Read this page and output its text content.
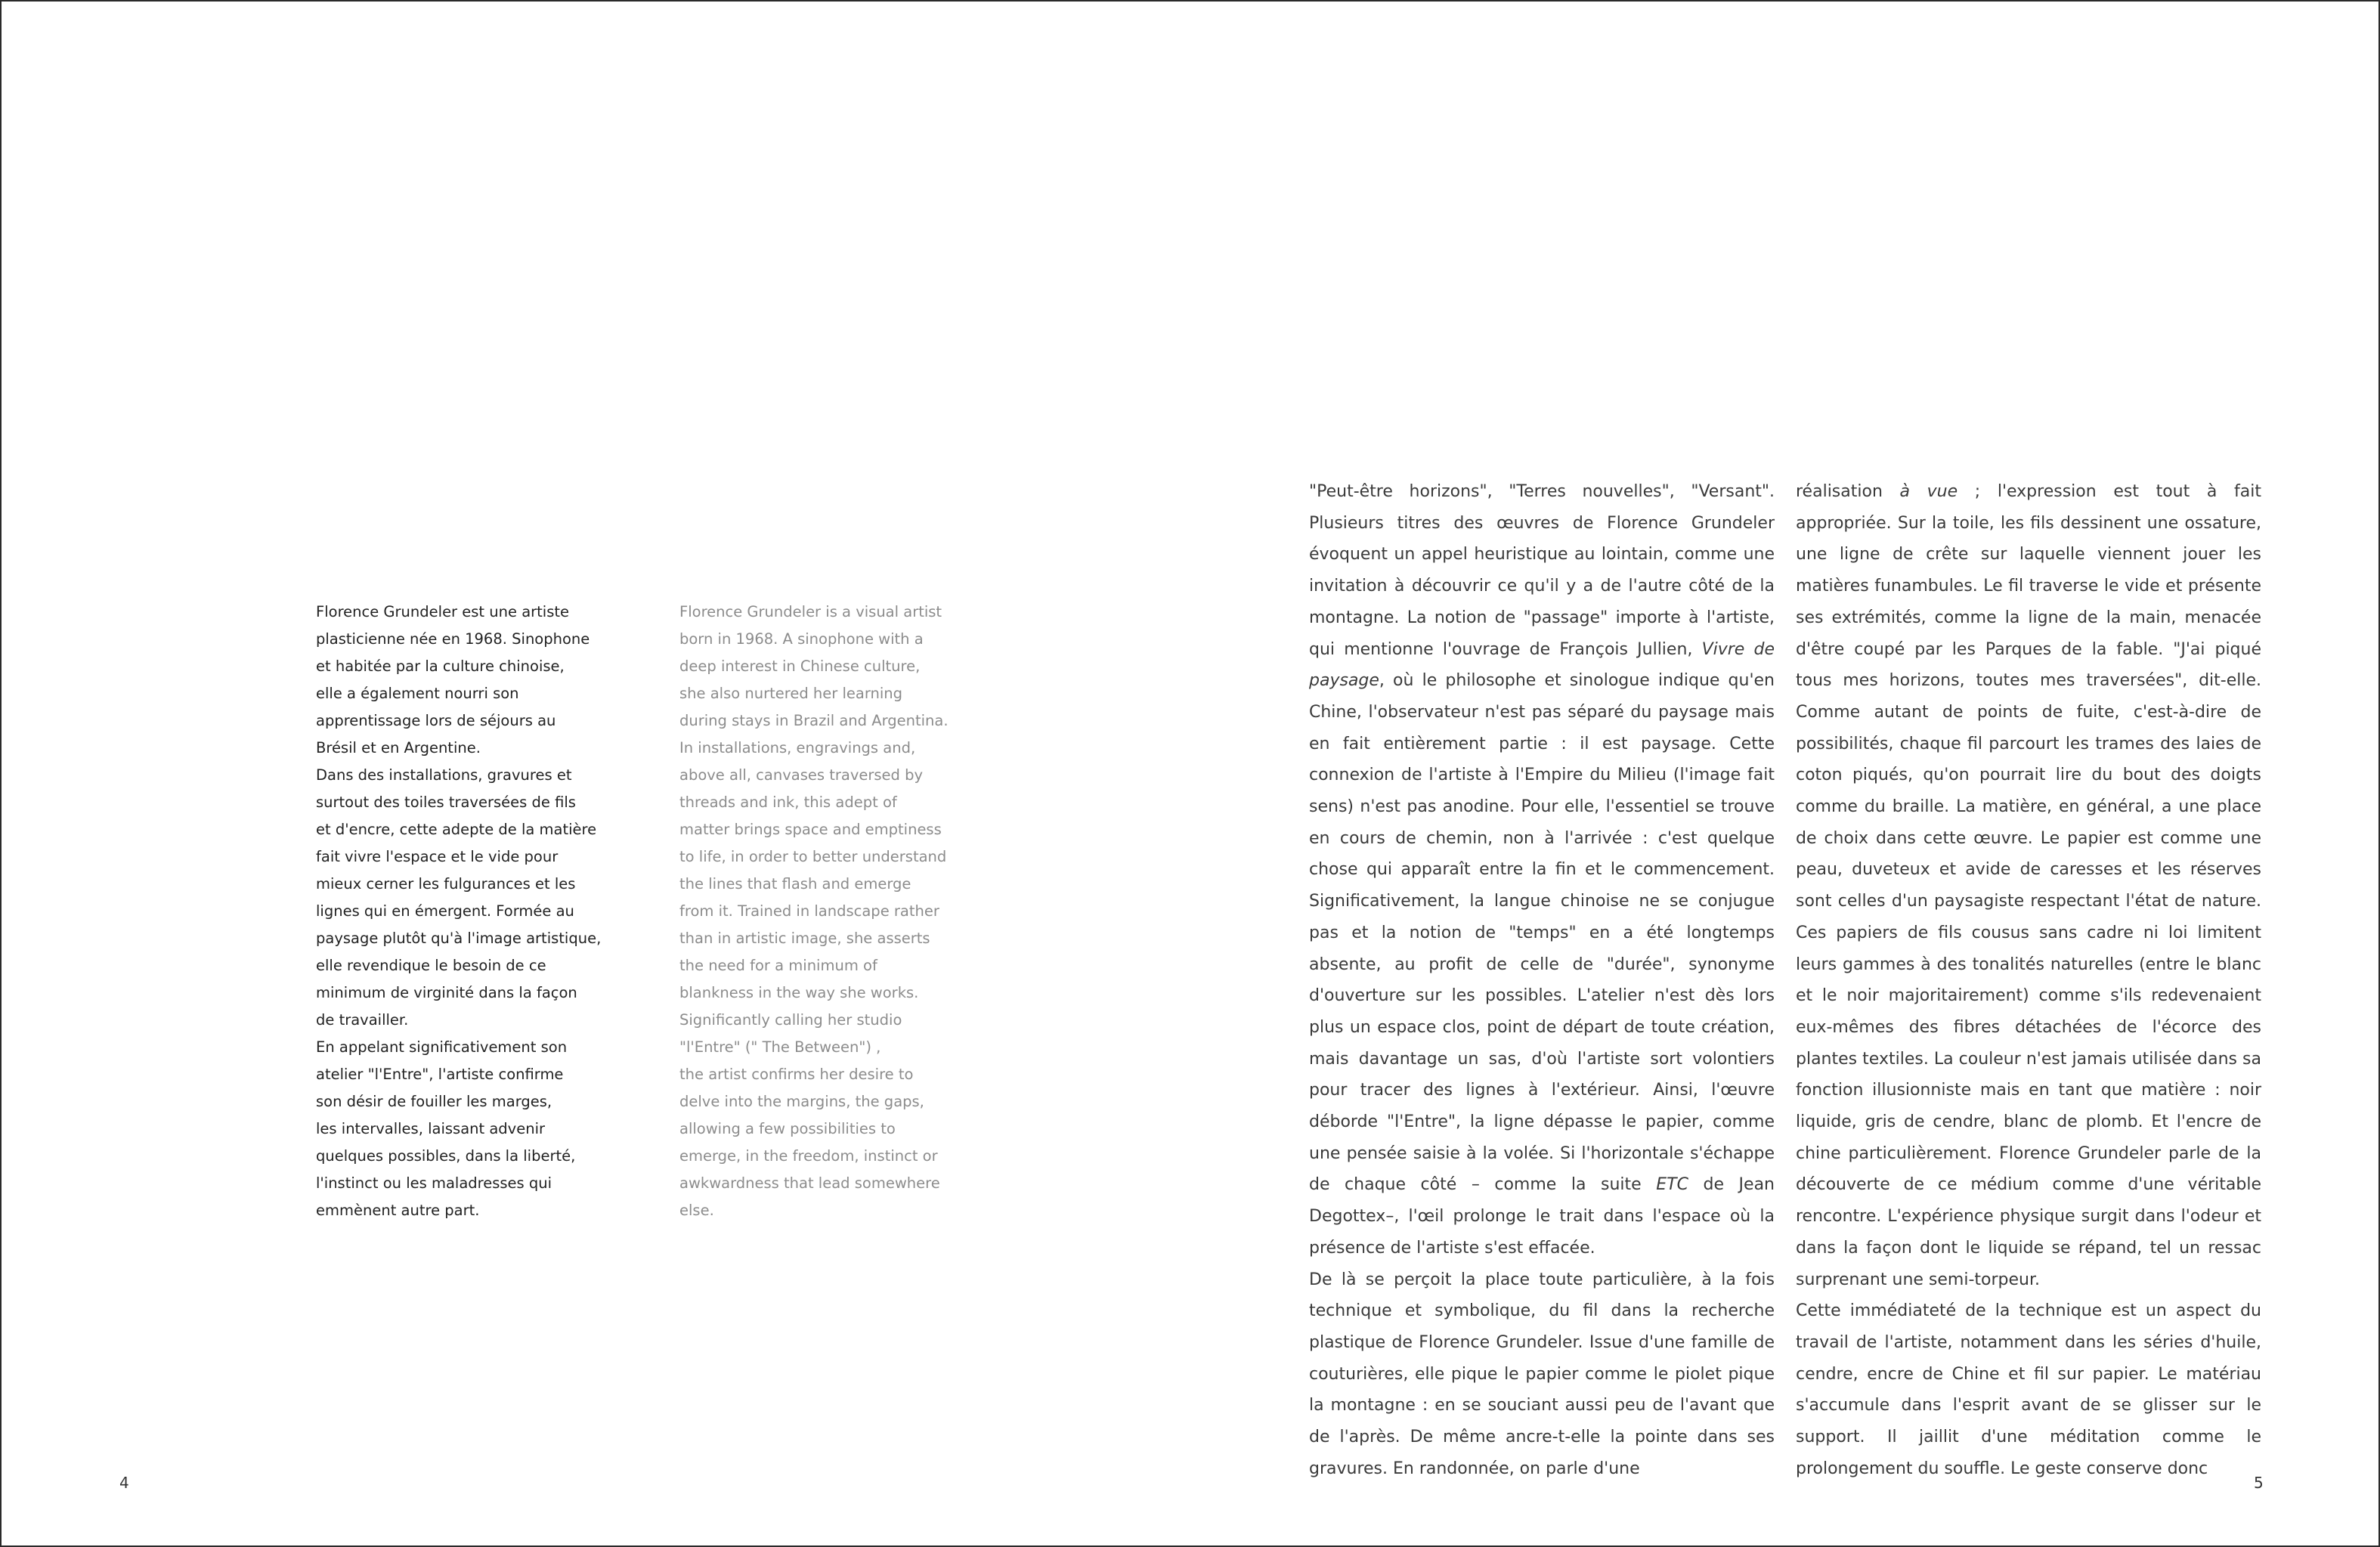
Florence Grundeler est une artiste

plasticienne née en 1968. Sinophone

et habitée par la culture chinoise,

elle a également nourri son

apprentissage lors de séjours au

Brésil et en Argentine.

Dans des installations, gravures et

surtout des toiles traversées de fils

et d'encre, cette adepte de la matière

fait vivre l'espace et le vide pour

mieux cerner les fulgurances et les

lignes qui en émergent. Formée au

paysage plutôt qu'à l'image artistique,

elle revendique le besoin de ce

minimum de virginité dans la façon

de travailler.

En appelant significativement son

atelier "l'Entre", l'artiste confirme

son désir de fouiller les marges,

les intervalles, laissant advenir

quelques possibles, dans la liberté,

l'instinct ou les maladresses qui

emmènent autre part.

Florence Grundeler is a visual artist

born in 1968. A sinophone with a

deep interest in Chinese culture,

she also nurtered her learning

during stays in Brazil and Argentina.

In installations, engravings and,

above all, canvases traversed by

threads and ink, this adept of

matter brings space and emptiness

to life, in order to better understand

the lines that flash and emerge

from it. Trained in landscape rather

than in artistic image, she asserts

the need for a minimum of

blankness in the way she works.

Significantly calling her studio

"l'Entre" (" The Between") ,

the artist confirms her desire to

delve into the margins, the gaps,

allowing a few possibilities to

emerge, in the freedom, instinct or

awkwardness that lead somewhere

else.

"Peut-être horizons", "Terres nouvelles", "Versant". Plusieurs titres des œuvres de Florence Grundeler évoquent un appel heuristique au lointain, comme une invitation à découvrir ce qu'il y a de l'autre côté de la montagne. La notion de "passage" importe à l'artiste, qui mentionne l'ouvrage de François Jullien, Vivre de paysage, où le philosophe et sinologue indique qu'en Chine, l'observateur n'est pas séparé du paysage mais en fait entièrement partie : il est paysage. Cette connexion de l'artiste à l'Empire du Milieu (l'image fait sens) n'est pas anodine. Pour elle, l'essentiel se trouve en cours de chemin, non à l'arrivée : c'est quelque chose qui apparaît entre la fin et le commencement. Significativement, la langue chinoise ne se conjugue pas et la notion de "temps" en a été longtemps absente, au profit de celle de "durée", synonyme d'ouverture sur les possibles. L'atelier n'est dès lors plus un espace clos, point de départ de toute création, mais davantage un sas, d'où l'artiste sort volontiers pour tracer des lignes à l'extérieur. Ainsi, l'œuvre déborde "l'Entre", la ligne dépasse le papier, comme une pensée saisie à la volée. Si l'horizontale s'échappe de chaque côté – comme la suite ETC de Jean Degottex–, l'œil prolonge le trait dans l'espace où la présence de l'artiste s'est effacée.

De là se perçoit la place toute particulière, à la fois technique et symbolique, du fil dans la recherche plastique de Florence Grundeler. Issue d'une famille de couturières, elle pique le papier comme le piolet pique la montagne : en se souciant aussi peu de l'avant que de l'après. De même ancre-t-elle la pointe dans ses gravures. En randonnée, on parle d'une

réalisation à vue ; l'expression est tout à fait appropriée. Sur la toile, les fils dessinent une ossature, une ligne de crête sur laquelle viennent jouer les matières funambules. Le fil traverse le vide et présente ses extrémités, comme la ligne de la main, menacée d'être coupé par les Parques de la fable. "J'ai piqué tous mes horizons, toutes mes traversées", dit-elle. Comme autant de points de fuite, c'est-à-dire de possibilités, chaque fil parcourt les trames des laies de coton piqués, qu'on pourrait lire du bout des doigts comme du braille. La matière, en général, a une place de choix dans cette œuvre. Le papier est comme une peau, duveteux et avide de caresses et les réserves sont celles d'un paysagiste respectant l'état de nature. Ces papiers de fils cousus sans cadre ni loi limitent leurs gammes à des tonalités naturelles (entre le blanc et le noir majoritairement) comme s'ils redevenaient eux-mêmes des fibres détachées de l'écorce des plantes textiles. La couleur n'est jamais utilisée dans sa fonction illusionniste mais en tant que matière : noir liquide, gris de cendre, blanc de plomb. Et l'encre de chine particulièrement. Florence Grundeler parle de la découverte de ce médium comme d'une véritable rencontre. L'expérience physique surgit dans l'odeur et dans la façon dont le liquide se répand, tel un ressac surprenant une semi-torpeur.

Cette immédiateté de la technique est un aspect du travail de l'artiste, notamment dans les séries d'huile, cendre, encre de Chine et fil sur papier. Le matériau s'accumule dans l'esprit avant de se glisser sur le support. Il jaillit d'une méditation comme le prolongement du souffle. Le geste conserve donc

4	5
